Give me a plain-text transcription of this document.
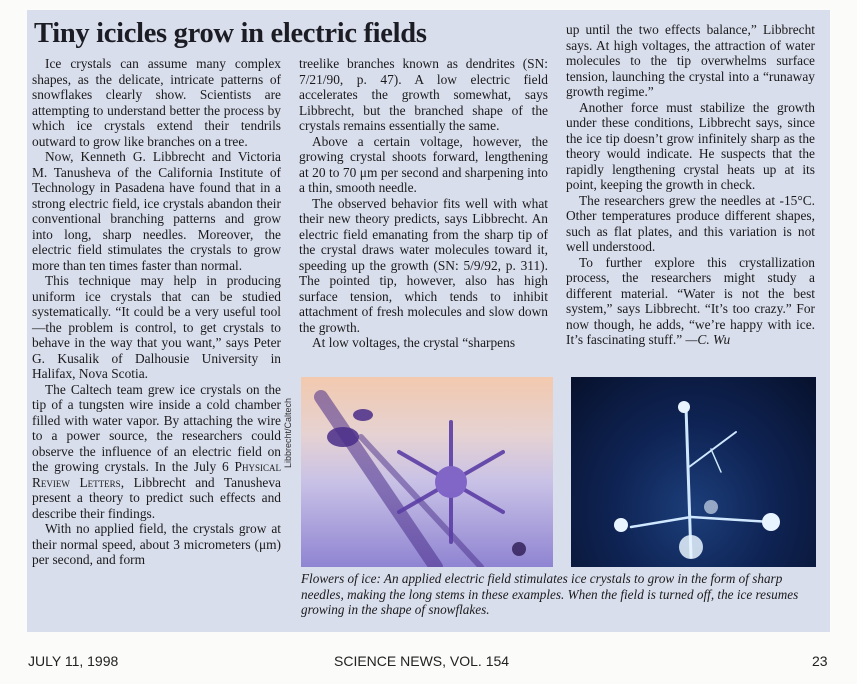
Tiny icicles grow in electric fields

Ice crystals can assume many complex shapes, as the delicate, intricate patterns of snowflakes clearly show. Scientists are attempting to understand better the process by which ice crystals extend their tendrils outward to grow like branches on a tree.

Now, Kenneth G. Libbrecht and Victoria M. Tanusheva of the California Institute of Technology in Pasadena have found that in a strong electric field, ice crystals abandon their conventional branching patterns and grow into long, sharp needles. Moreover, the electric field stimulates the crystals to grow more than ten times faster than normal.

This technique may help in producing uniform ice crystals that can be studied systematically. “It could be a very useful tool—the problem is control, to get crystals to behave in the way that you want,” says Peter G. Kusalik of Dalhousie University in Halifax, Nova Scotia.

The Caltech team grew ice crystals on the tip of a tungsten wire inside a cold chamber filled with water vapor. By attaching the wire to a power source, the researchers could observe the influence of an electric field on the growing crystals. In the July 6 Physical Review Letters, Libbrecht and Tanusheva present a theory to predict such effects and describe their findings.

With no applied field, the crystals grow at their normal speed, about 3 micrometers (μm) per second, and form

treelike branches known as dendrites (SN: 7/21/90, p. 47). A low electric field accelerates the growth somewhat, says Libbrecht, but the branched shape of the crystals remains essentially the same.

Above a certain voltage, however, the growing crystal shoots forward, lengthening at 20 to 70 μm per second and sharpening into a thin, smooth needle.

The observed behavior fits well with what their new theory predicts, says Libbrecht. An electric field emanating from the sharp tip of the crystal draws water molecules toward it, speeding up the growth (SN: 5/9/92, p. 311). The pointed tip, however, also has high surface tension, which tends to inhibit attachment of fresh molecules and slow down the growth.

At low voltages, the crystal “sharpens

up until the two effects balance,” Libbrecht says. At high voltages, the attraction of water molecules to the tip overwhelms surface tension, launching the crystal into a “runaway growth regime.”

Another force must stabilize the growth under these conditions, Libbrecht says, since the ice tip doesn’t grow infinitely sharp as the theory would indicate. He suspects that the rapidly lengthening crystal heats up at its point, keeping the growth in check.

The researchers grew the needles at -15°C. Other temperatures produce different shapes, such as flat plates, and this variation is not well understood.

To further explore this crystallization process, the researchers might study a different material. “Water is not the best system,” says Libbrecht. “It’s too crazy.” For now though, he adds, “we’re happy with ice. It’s fascinating stuff.” —C. Wu

Libbrecht/Caltech

Flowers of ice: An applied electric field stimulates ice crystals to grow in the form of sharp needles, making the long stems in these examples. When the field is turned off, the ice resumes growing in the shape of snowflakes.

JULY 11, 1998	SCIENCE NEWS, VOL. 154	23
